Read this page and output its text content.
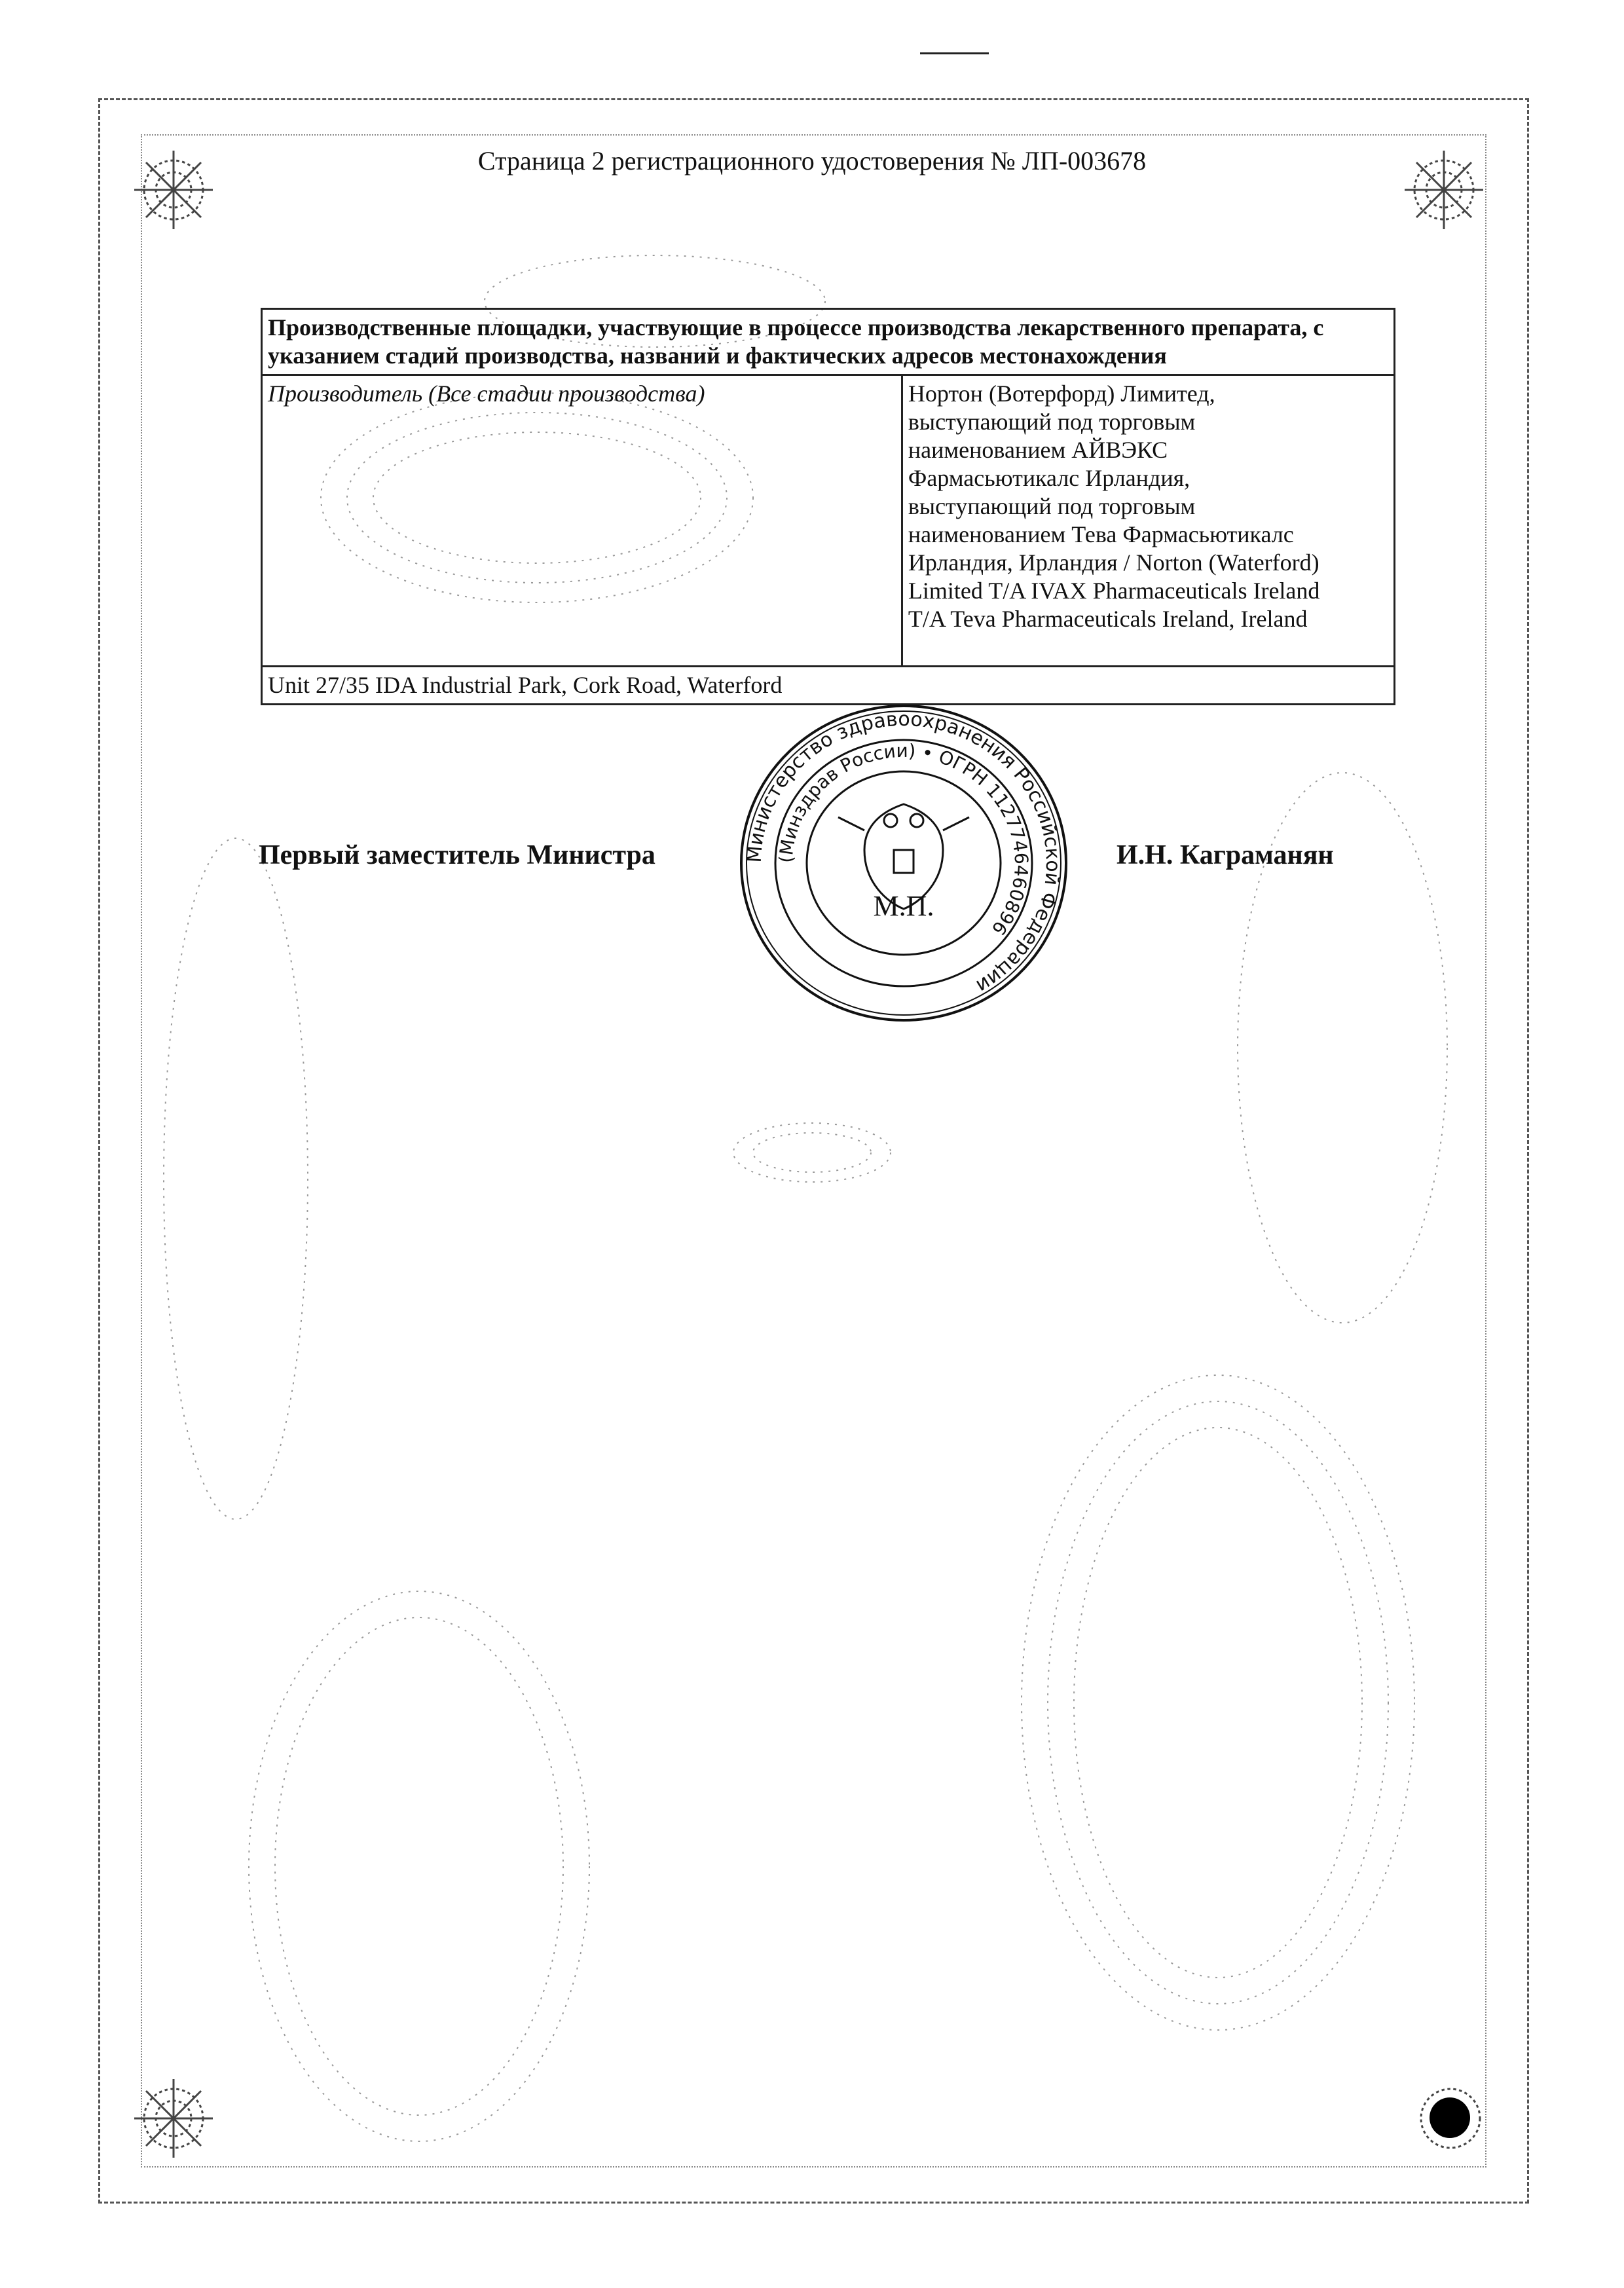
Страница 2 регистрационного удостоверения № ЛП-003678
Производственные площадки, участвующие в процессе производства лекарственного препарата, с указанием стадий производства, названий и фактических адресов местонахождения
Производитель (Все стадии производства)	Нортон (Вотерфорд) Лимитед,
выступающий под торговым
наименованием АЙВЭКС
Фармасьютикалс Ирландия,
выступающий под торговым
наименованием Тева Фармасьютикалс
Ирландия, Ирландия / Norton (Waterford)
Limited T/A IVAX Pharmaceuticals Ireland
T/A Teva Pharmaceuticals Ireland, Ireland

Unit 27/35 IDA Industrial Park, Cork Road, Waterford
Первый заместитель Министра	И.Н. Каграманян
Министерство здравоохранения Российской Федерации
(Минздрав России) • ОГРН 1127746460896
М.П.
